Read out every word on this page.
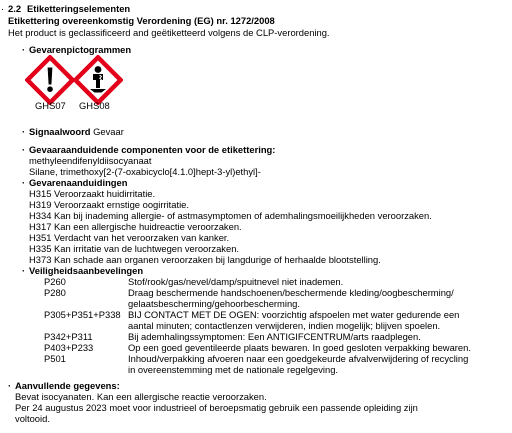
· 2.2 Etiketteringselementen
Etikettering overeenkomstig Verordening (EG) nr. 1272/2008
Het product is geclassificeerd and geëtiketteerd volgens de CLP-verordening.
· Gevarenpictogrammen
GHS07 GHS08
· Signaalwoord Gevaar
· Gevaaraanduidende componenten voor de etikettering:
methyleendifenyldiisocyanaat
Silane, trimethoxy[2-(7-oxabicyclo[4.1.0]hept-3-yl)ethyl]-
· Gevarenaanduidingen
H315 Veroorzaakt huidirritatie.
H319 Veroorzaakt ernstige oogirritatie.
H334 Kan bij inademing allergie- of astmasymptomen of ademhalingsmoeilijkheden veroorzaken.
H317 Kan een allergische huidreactie veroorzaken.
H351 Verdacht van het veroorzaken van kanker.
H335 Kan irritatie van de luchtwegen veroorzaken.
H373 Kan schade aan organen veroorzaken bij langdurige of herhaalde blootstelling.
· Veiligheidsaanbevelingen
P260	Stof/rook/gas/nevel/damp/spuitnevel niet inademen.
P280	Draag beschermende handschoenen/beschermende kleding/oogbescherming/
gelaatsbescherming/gehoorbescherming.
P305+P351+P338 BIJ CONTACT MET DE OGEN: voorzichtig afspoelen met water gedurende een
aantal minuten; contactlenzen verwijderen, indien mogelijk; blijven spoelen.
P342+P311	Bij ademhalingssymptomen: Een ANTIGIFCENTRUM/arts raadplegen.
P403+P233	Op een goed geventileerde plaats bewaren. In goed gesloten verpakking bewaren.
P501	Inhoud/verpakking afvoeren naar een goedgekeurde afvalverwijdering of recycling
in overeenstemming met de nationale regelgeving.
· Aanvullende gegevens:
Bevat isocyanaten. Kan een allergische reactie veroorzaken.
Per 24 augustus 2023 moet voor industrieel of beroepsmatig gebruik een passende opleiding zijn
voltooid.
